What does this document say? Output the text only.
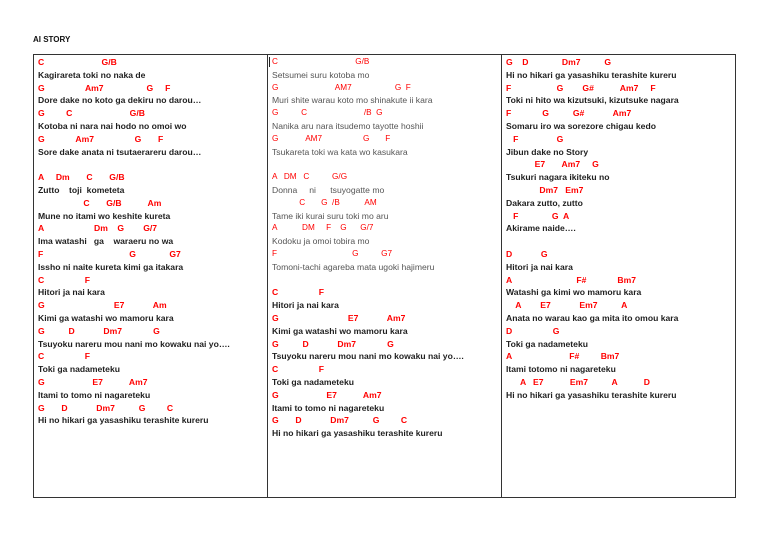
AI STORY
C                        G/B
Kagirareta toki no naka de
G                 Am7                  G     F
Dore dake no koto ga dekiru no darou…
G         C                        G/B
Kotoba ni nara nai hodo no omoi wo
G             Am7                 G       F
Sore dake anata ni tsutaerareru darou…
A     Dm       C       G/B
Zutto    toji  kometeta
C       G/B           Am
Mune no itami wo keshite kureta
A                     Dm    G        G/7
Ima watashi   ga    waraeru no wa
F                                    G              G7
Issho ni naite kureta kimi ga itakara
C                 F
Hitori ja nai kara
G                             E7            Am
Kimi ga watashi wo mamoru kara
G          D            Dm7             G
Tsuyoku nareru mou nani mo kowaku nai yo….
C                 F
Toki ga nadameteku
G                    E7           Am7
Itami to tomo ni nagareteku
G       D            Dm7          G         C
Hi no hikari ga yasashiku terashite kureru
C                                  G/B
Setsumei suru kotoba mo
G                         AM7                   G  F
Muri shite warau koto mo shinakute ii kara
G          C                         /B  G
Nanika aru nara itsudemo tayotte hoshii
G            AM7                  G       F
Tsukareta toki wa kata wo kasukara
A   DM   C          G/G
Donna     ni      tsuyogatte mo
C       G  /B           AM
Tame iki kurai suru toki mo aru
A           DM     F    G      G/7
Kodoku ja omoi tobira mo
F                                 G          G7
Tomoni-tachi agareba mata ugoki hajimeru
C                 F
Hitori ja nai kara
G                             E7            Am7
Kimi ga watashi wo mamoru kara
G          D            Dm7             G
Tsuyoku nareru mou nani mo kowaku nai yo….
C                 F
Toki ga nadameteku
G                    E7           Am7
Itami to tomo ni nagareteku
G       D            Dm7          G         C
Hi no hikari ga yasashiku terashite kureru
G    D              Dm7          G
Hi no hikari ga yasashiku terashite kureru
F                   G        G#           Am7     F
Toki ni hito wa kizutsuki, kizutsuke nagara
F             G          G#            Am7
Somaru iro wa sorezore chigau kedo
F                G
Jibun dake no Story
E7       Am7     G
Tsukuri nagara ikiteku no
Dm7   Em7
Dakara zutto, zutto
F              G  A
Akirame naide….
D            G
Hitori ja nai kara
A                           F#             Bm7
Watashi ga kimi wo mamoru kara
A        E7            Em7          A
Anata no warau kao ga mita ito omou kara
D                 G
Toki ga nadameteku
A                        F#         Bm7
Itami totomo ni nagareteku
A   E7           Em7          A           D
Hi no hikari ga yasashiku terashite kureru
